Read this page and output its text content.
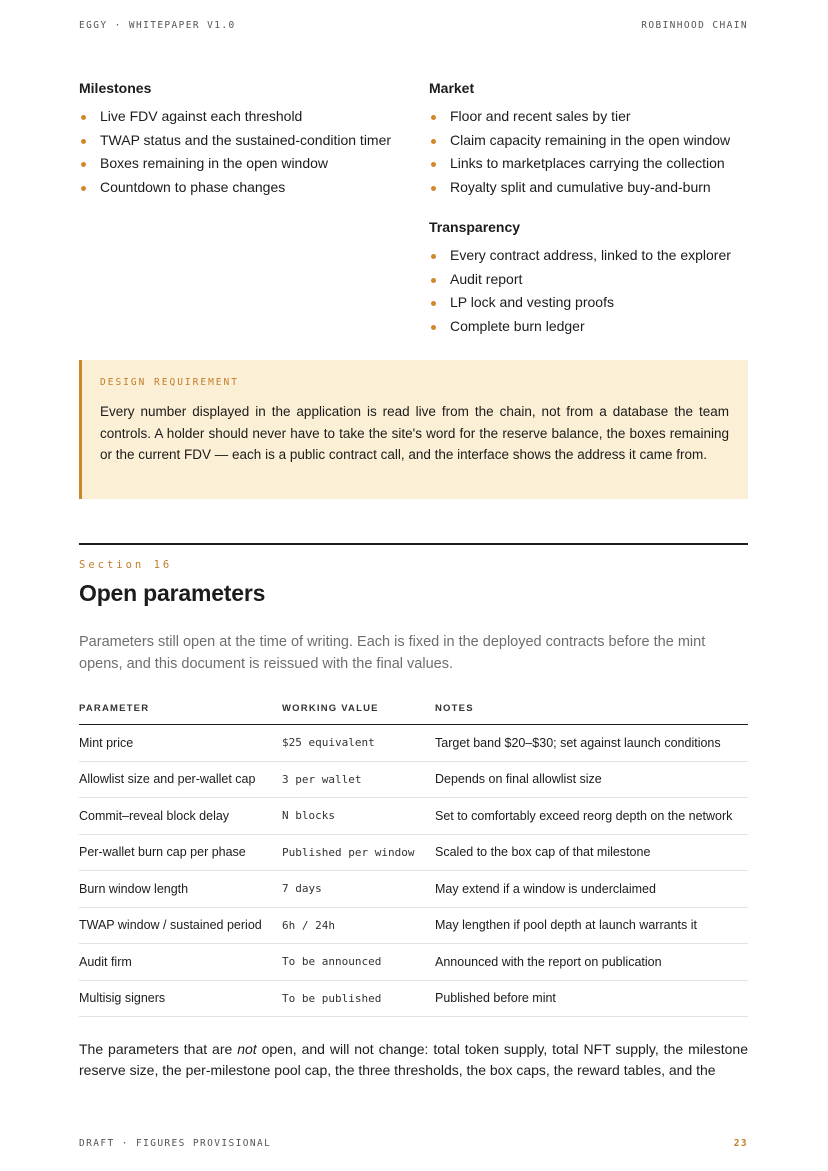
EGGY · WHITEPAPER V1.0	ROBINHOOD CHAIN
Milestones
Live FDV against each threshold
TWAP status and the sustained-condition timer
Boxes remaining in the open window
Countdown to phase changes
Market
Floor and recent sales by tier
Claim capacity remaining in the open window
Links to marketplaces carrying the collection
Royalty split and cumulative buy-and-burn
Transparency
Every contract address, linked to the explorer
Audit report
LP lock and vesting proofs
Complete burn ledger
DESIGN REQUIREMENT

Every number displayed in the application is read live from the chain, not from a database the team controls. A holder should never have to take the site's word for the reserve balance, the boxes remaining or the current FDV — each is a public contract call, and the interface shows the address it came from.

Section 16
Open parameters

Parameters still open at the time of writing. Each is fixed in the deployed contracts before the mint opens, and this document is reissued with the final values.

PARAMETER	WORKING VALUE	NOTES
Mint price	$25 equivalent	Target band $20–$30; set against launch conditions
Allowlist size and per-wallet cap	3 per wallet	Depends on final allowlist size
Commit–reveal block delay	N blocks	Set to comfortably exceed reorg depth on the network
Per-wallet burn cap per phase	Published per window	Scaled to the box cap of that milestone
Burn window length	7 days	May extend if a window is underclaimed
TWAP window / sustained period	6h / 24h	May lengthen if pool depth at launch warrants it
Audit firm	To be announced	Announced with the report on publication
Multisig signers	To be published	Published before mint

The parameters that are not open, and will not change: total token supply, total NFT supply, the milestone reserve size, the per-milestone pool cap, the three thresholds, the box caps, the reward tables, and the

DRAFT · FIGURES PROVISIONAL	23
